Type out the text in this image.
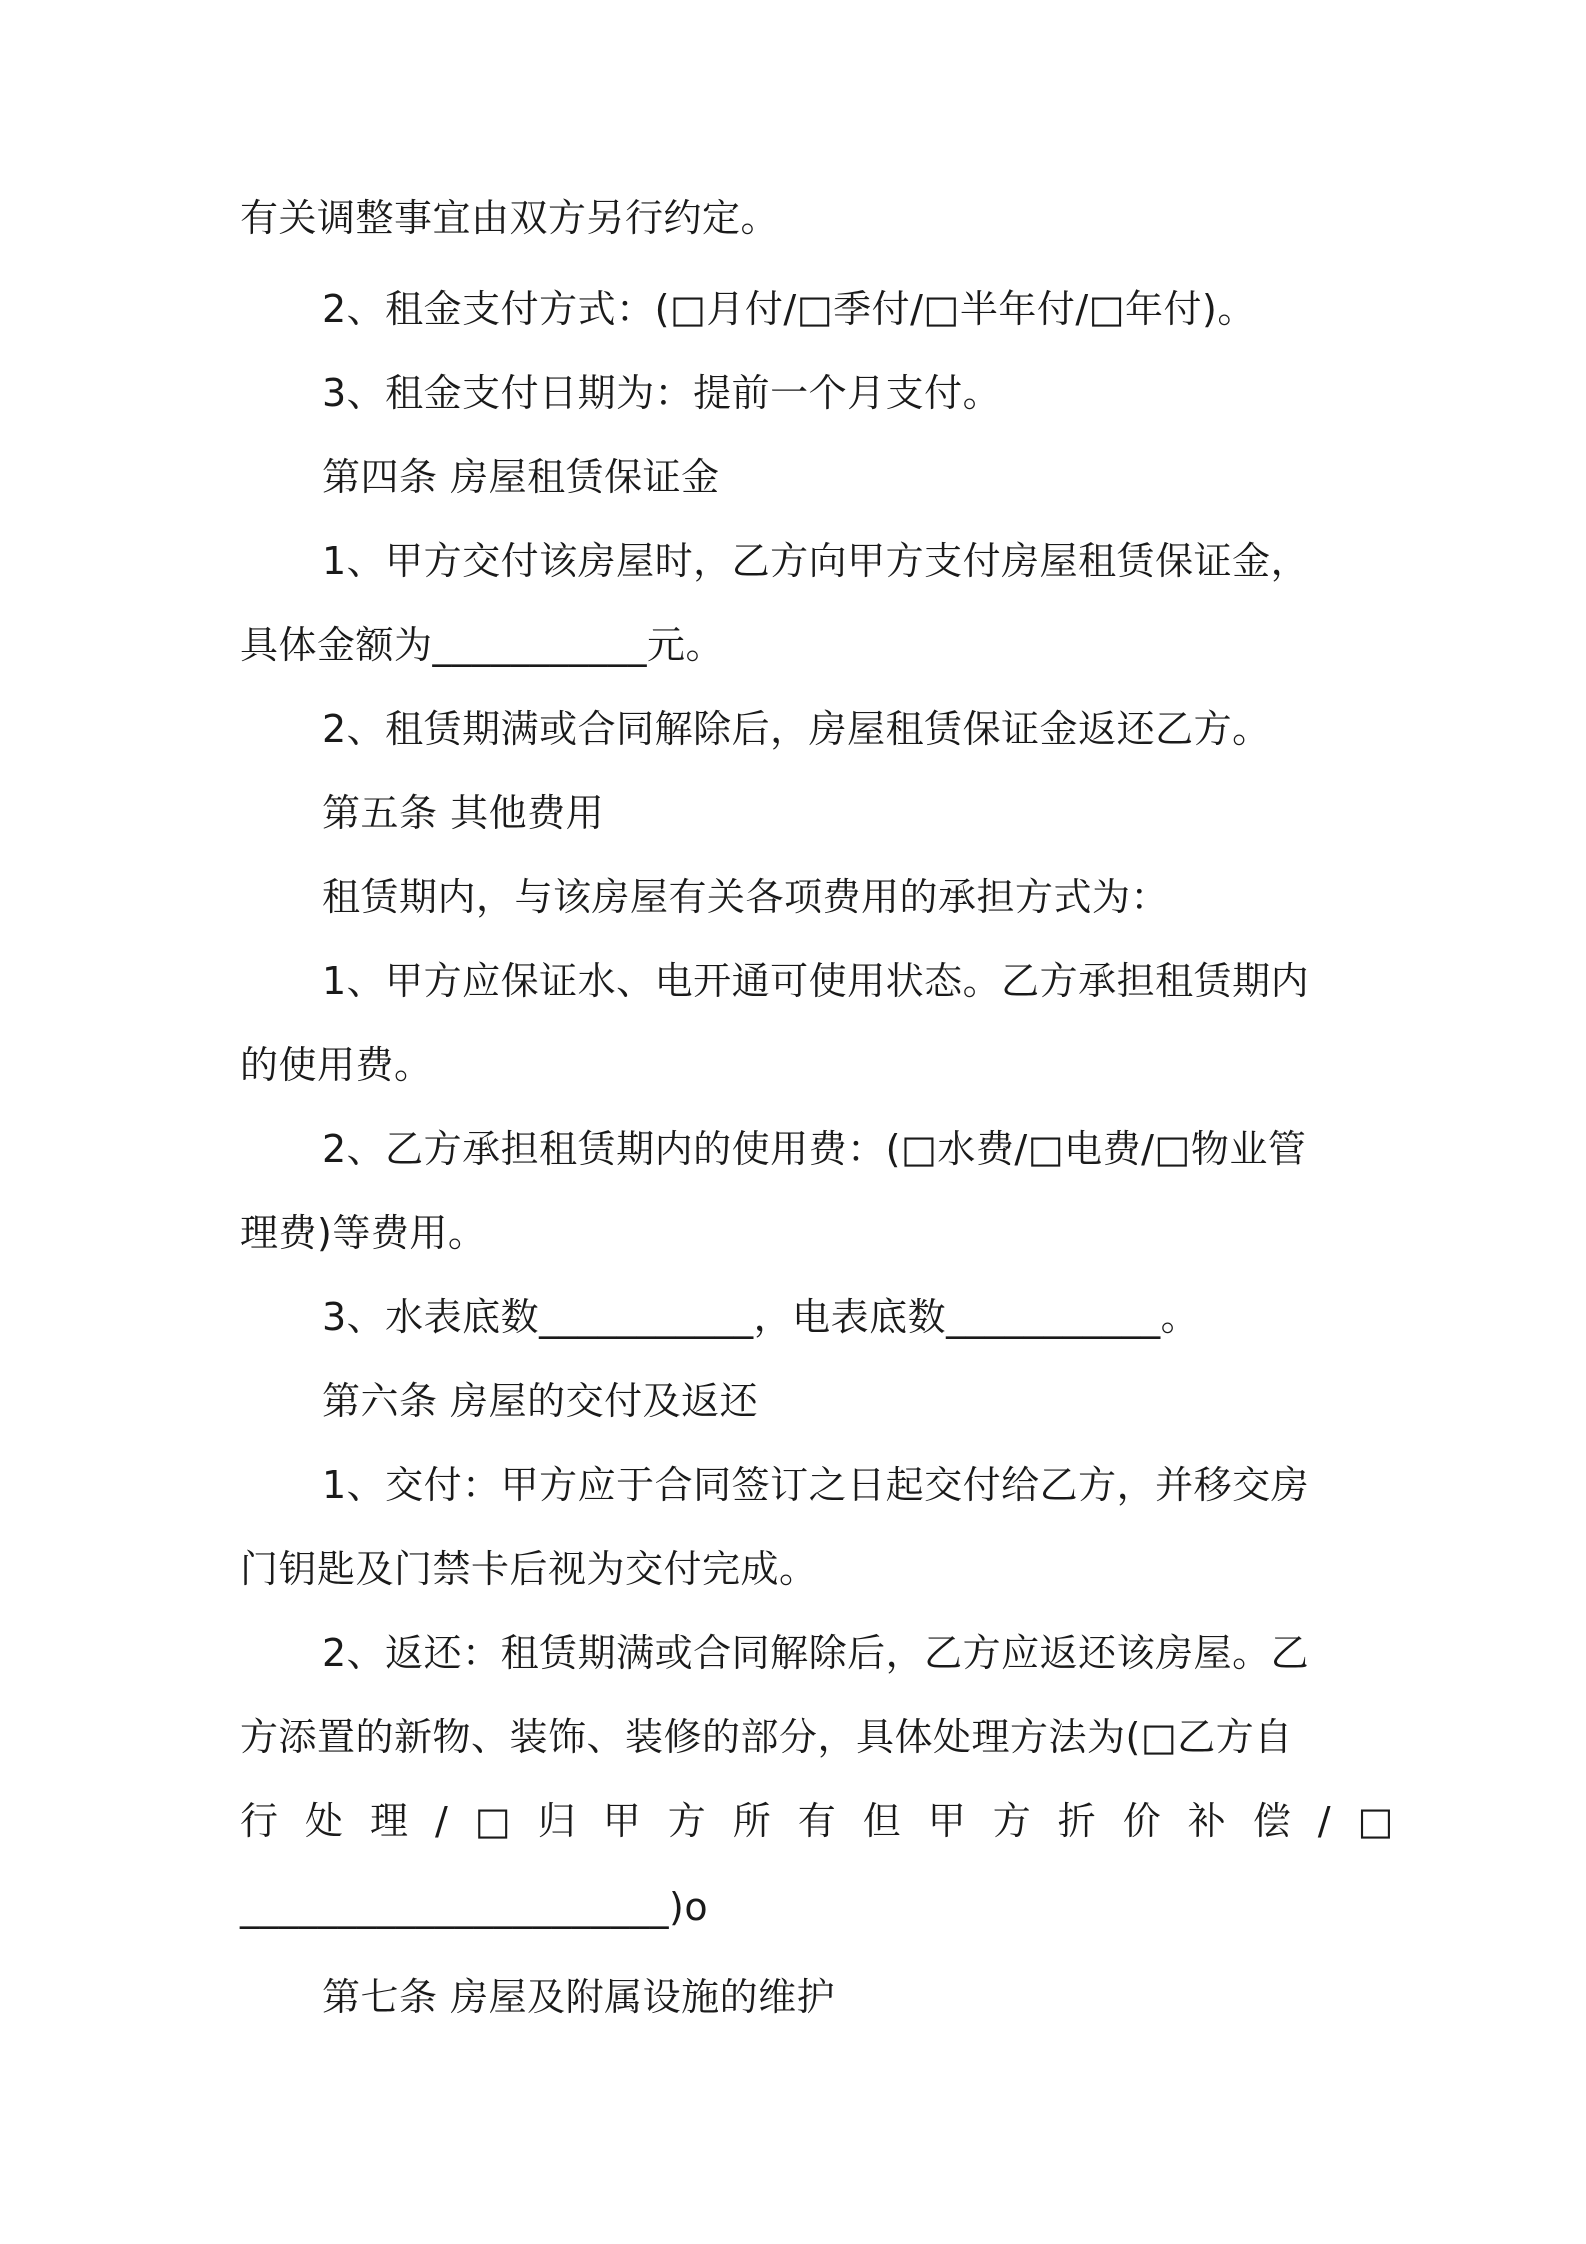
有关调整事宜由双方另行约定。
2、租金支付方式：(□月付/□季付/□半年付/□年付)。
3、租金支付日期为：提前一个月支付。
第四条 房屋租赁保证金
1、甲方交付该房屋时，乙方向甲方支付房屋租赁保证金，
具体金额为___________元。
2、租赁期满或合同解除后，房屋租赁保证金返还乙方。
第五条 其他费用
租赁期内，与该房屋有关各项费用的承担方式为：
1、甲方应保证水、电开通可使用状态。乙方承担租赁期内
的使用费。
2、乙方承担租赁期内的使用费：(□水费/□电费/□物业管
理费)等费用。
3、水表底数___________，电表底数___________。
第六条 房屋的交付及返还
1、交付：甲方应于合同签订之日起交付给乙方，并移交房
门钥匙及门禁卡后视为交付完成。
2、返还：租赁期满或合同解除后，乙方应返还该房屋。乙
方添置的新物、装饰、装修的部分，具体处理方法为(□乙方自
行处理/□归甲方所有但甲方折价补偿/□
______________________)o
第七条 房屋及附属设施的维护
